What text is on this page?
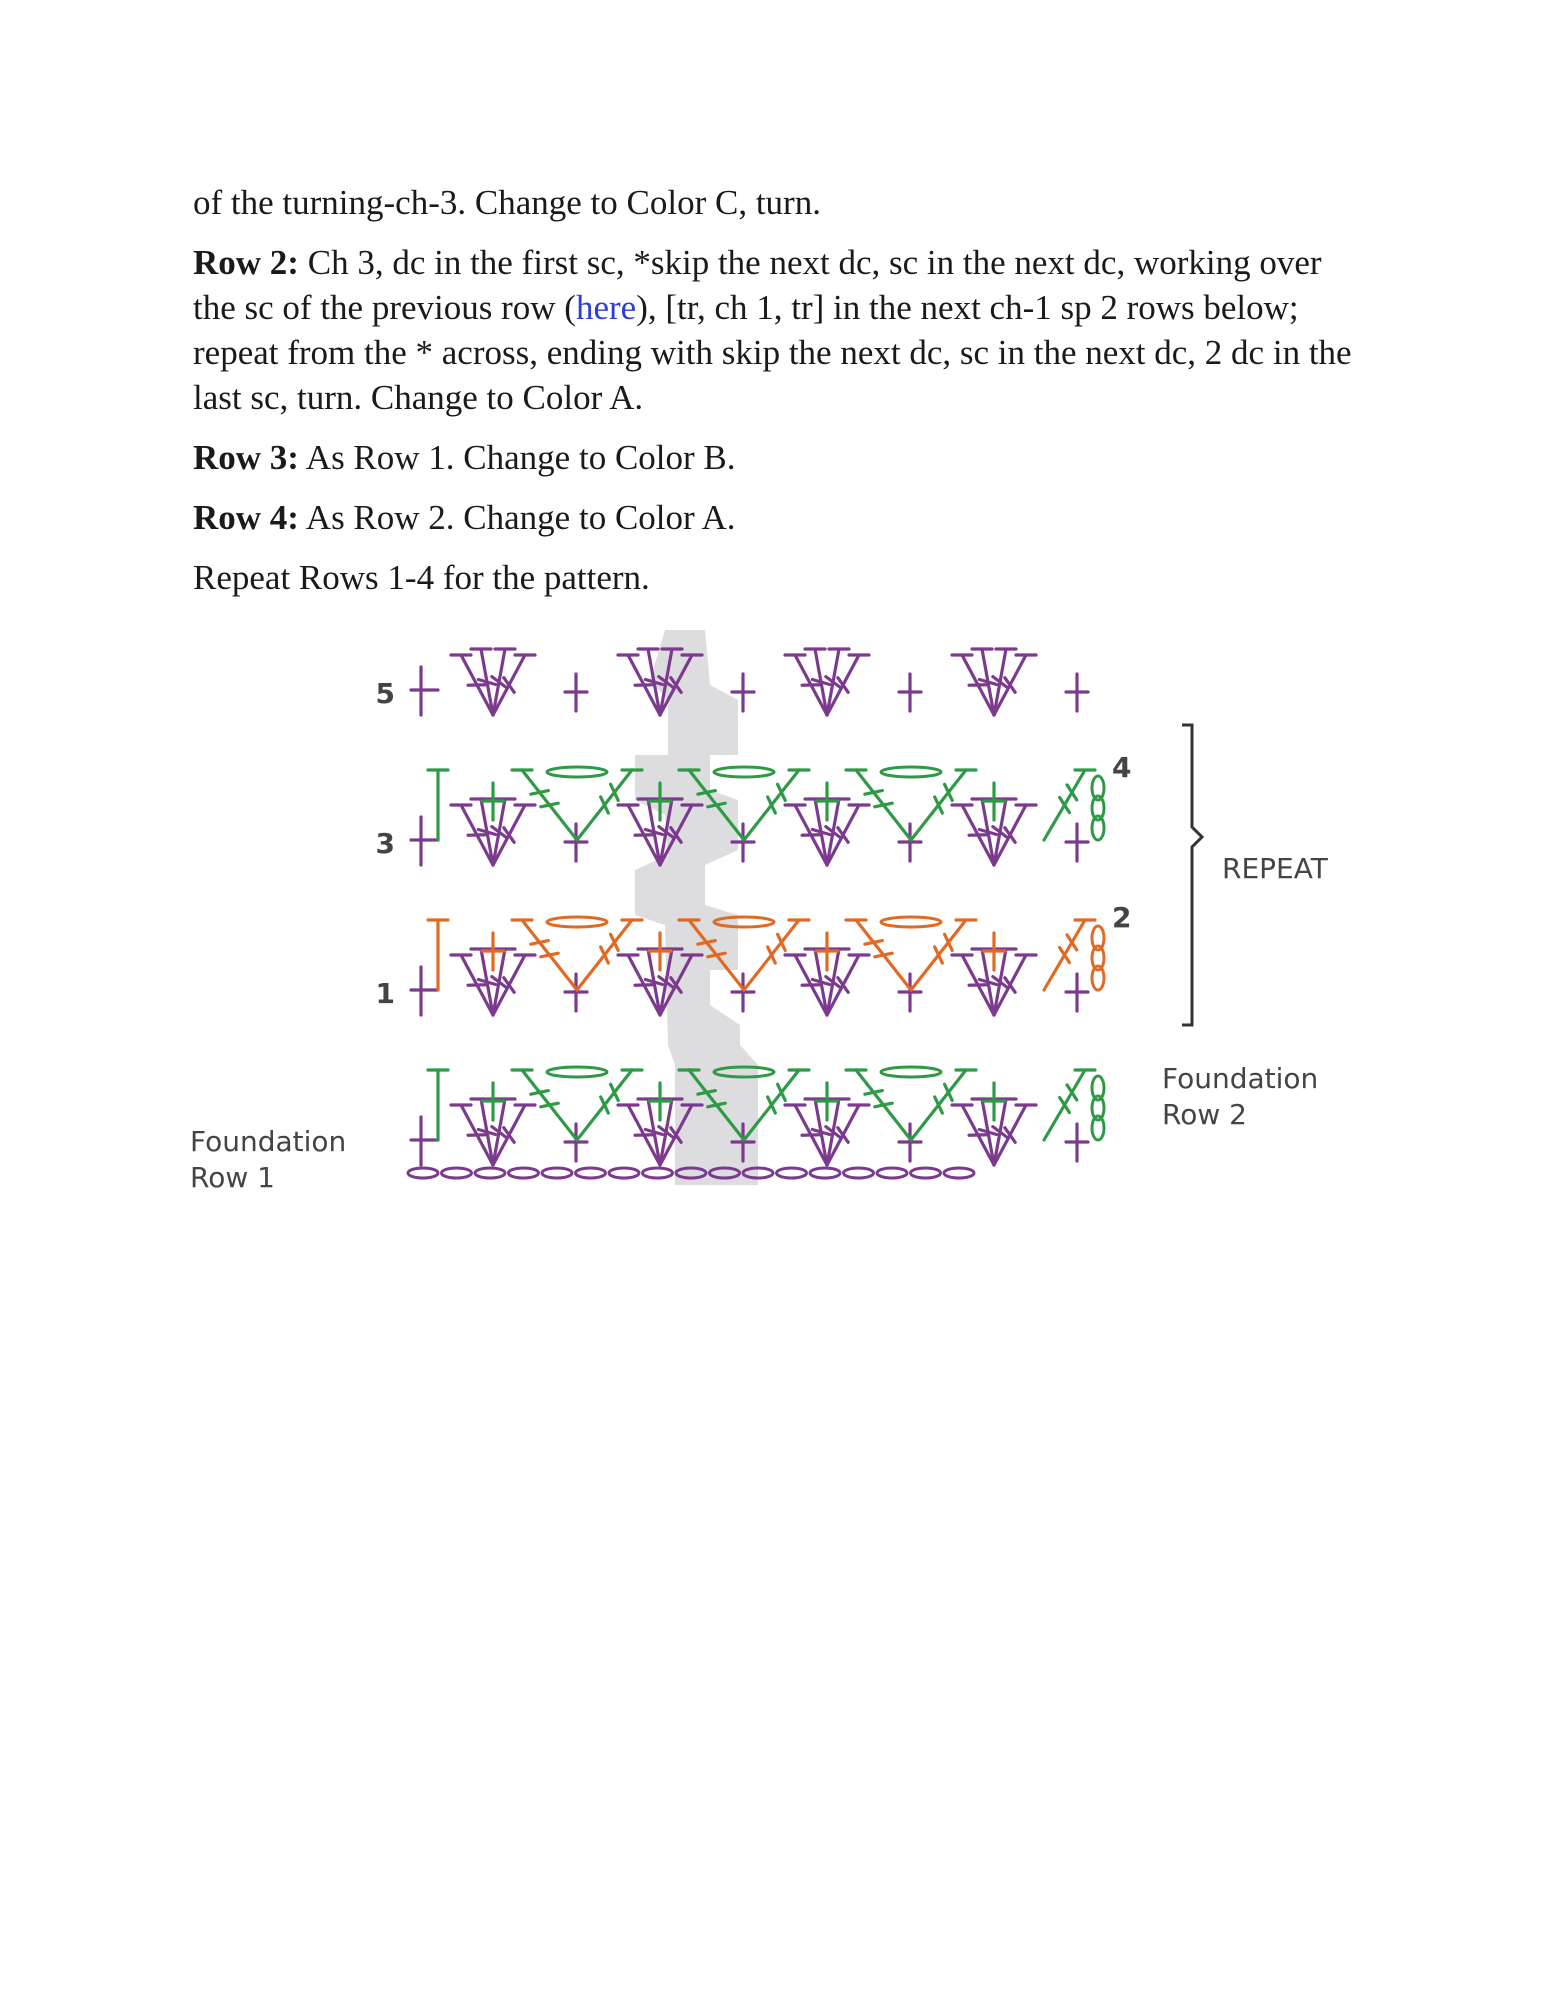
of the turning-ch-3. Change to Color C, turn.

Row 2: Ch 3, dc in the first sc, *skip the next dc, sc in the next dc, working over the sc of the previous row (here), [tr, ch 1, tr] in the next ch-1 sp 2 rows below; repeat from the * across, ending with skip the next dc, sc in the next dc, 2 dc in the last sc, turn. Change to Color A.

Row 3: As Row 1. Change to Color B.

Row 4: As Row 2. Change to Color A.

Repeat Rows 1-4 for the pattern.

5
3
1
4
2
REPEAT
Foundation
Row 2
Foundation
Row 1
